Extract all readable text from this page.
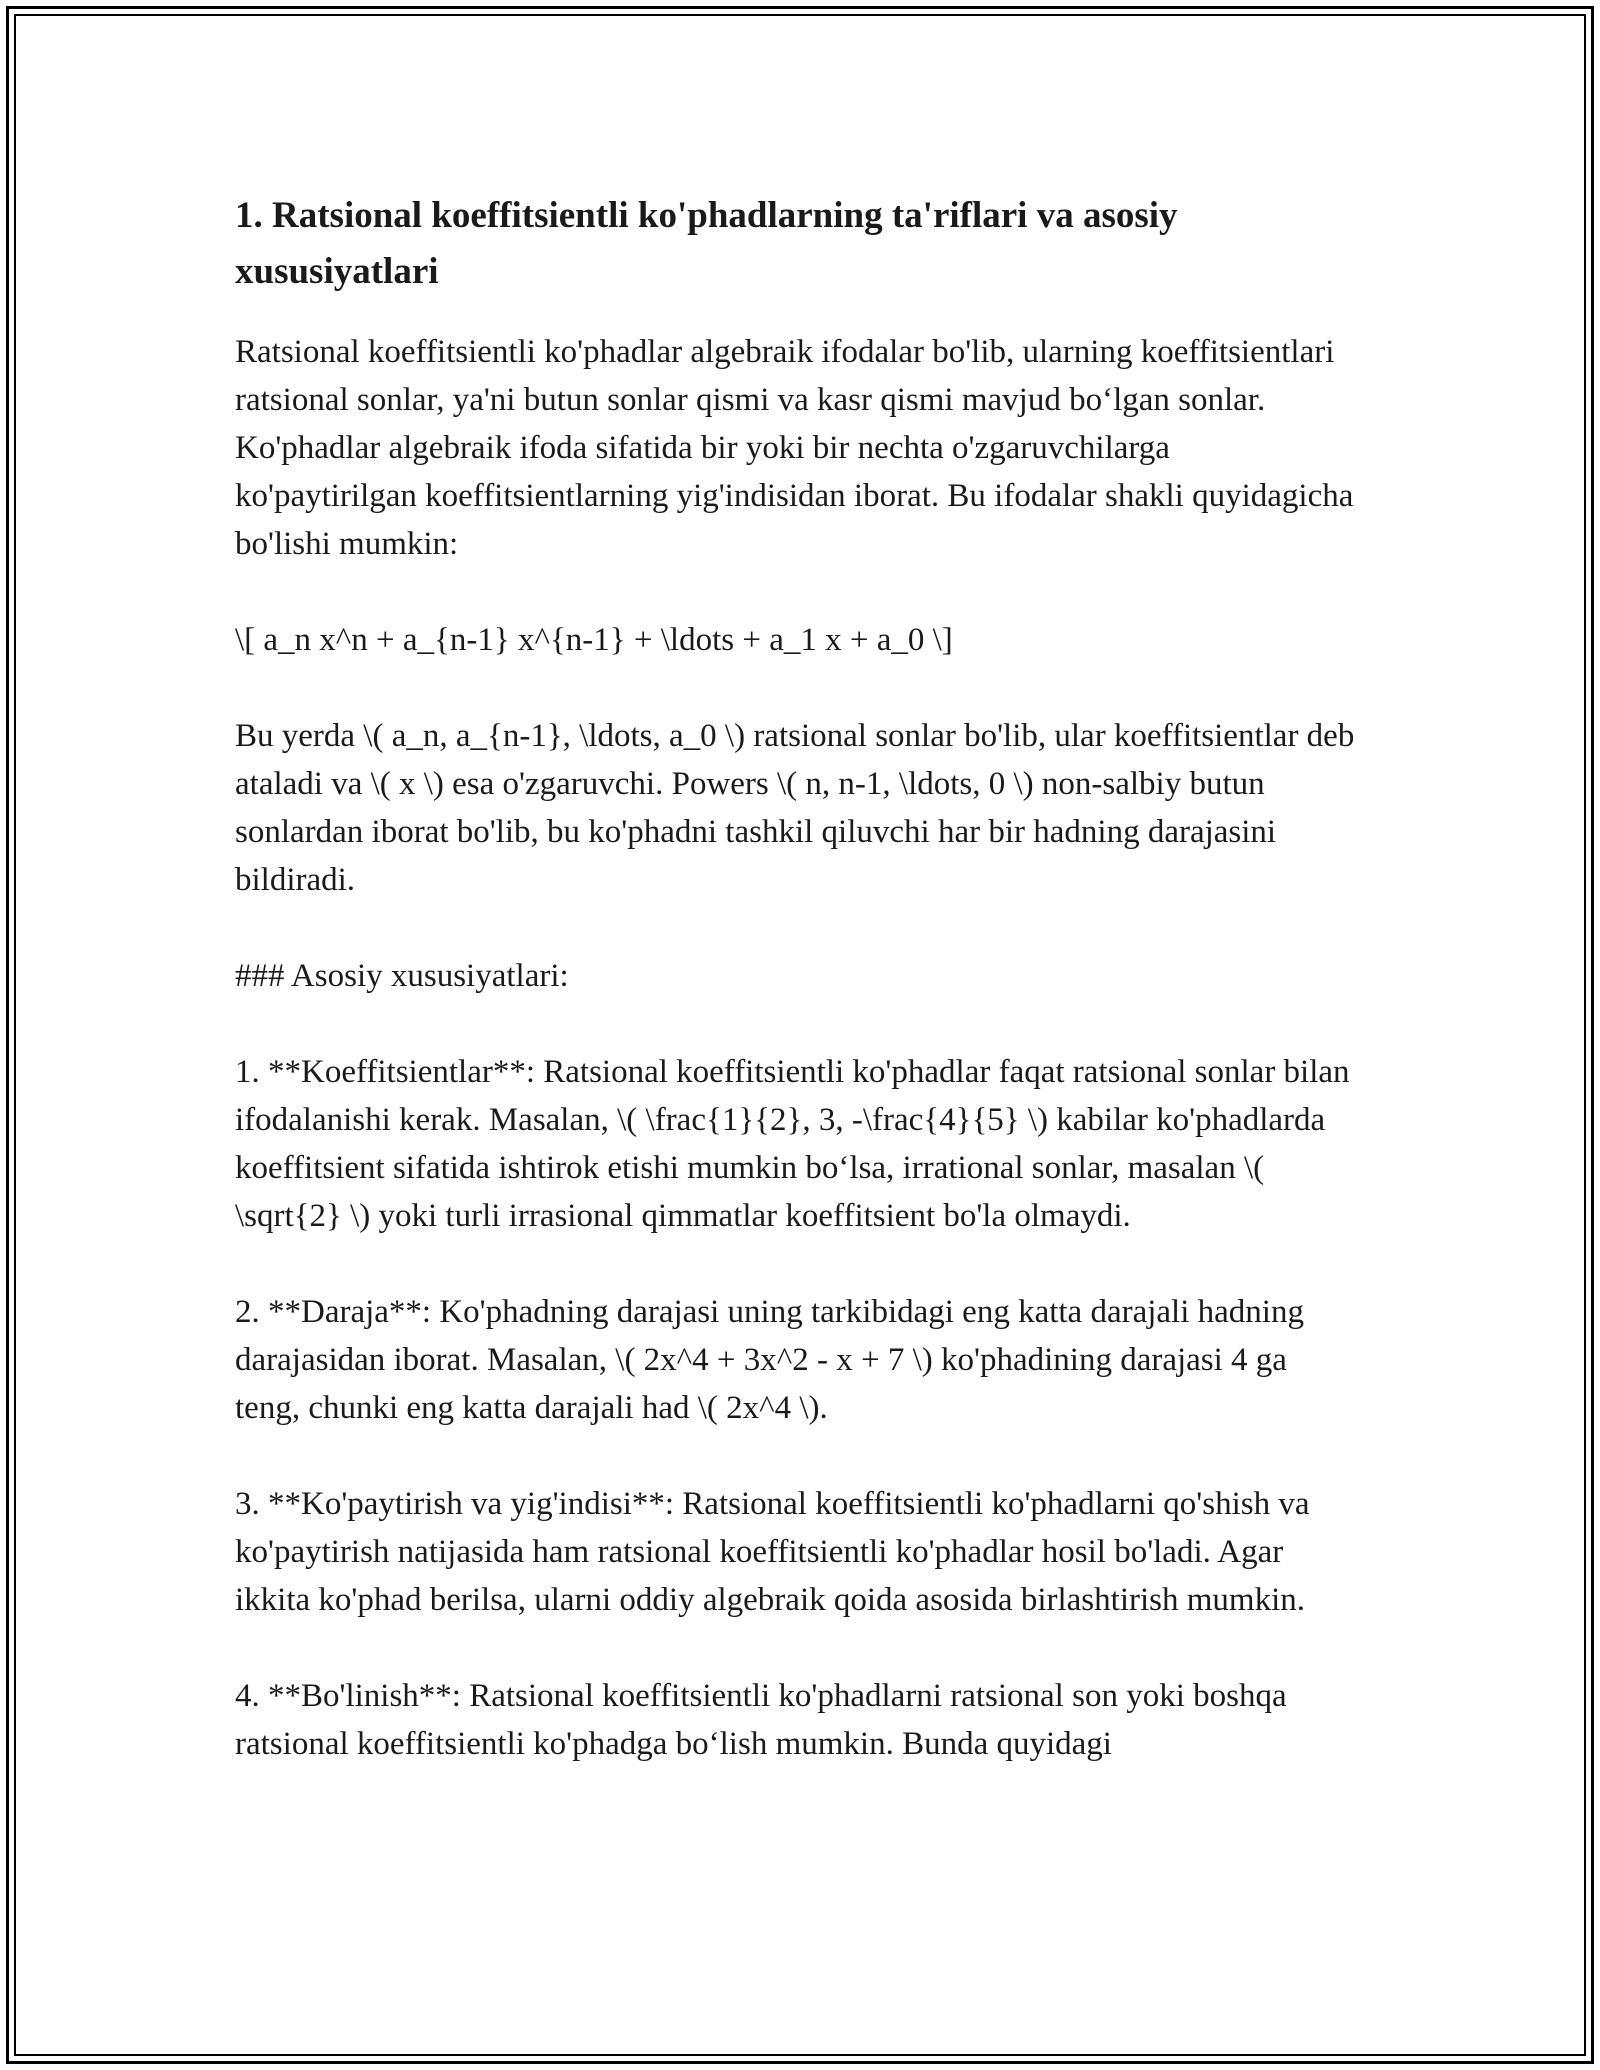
1. Ratsional koeffitsientli ko'phadlarning ta'riflari va asosiy xususiyatlari

Ratsional koeffitsientli ko'phadlar algebraik ifodalar bo'lib, ularning koeffitsientlari ratsional sonlar, ya'ni butun sonlar qismi va kasr qismi mavjud bo‘lgan sonlar. Ko'phadlar algebraik ifoda sifatida bir yoki bir nechta o'zgaruvchilarga ko'paytirilgan koeffitsientlarning yig'indisidan iborat. Bu ifodalar shakli quyidagicha bo'lishi mumkin:

\[ a_n x^n + a_{n-1} x^{n-1} + \ldots + a_1 x + a_0 \]

Bu yerda \( a_n, a_{n-1}, \ldots, a_0 \) ratsional sonlar bo'lib, ular koeffitsientlar deb ataladi va \( x \) esa o'zgaruvchi. Powers \( n, n-1, \ldots, 0 \) non-salbiy butun sonlardan iborat bo'lib, bu ko'phadni tashkil qiluvchi har bir hadning darajasini bildiradi.

### Asosiy xususiyatlari:

1. **Koeffitsientlar**: Ratsional koeffitsientli ko'phadlar faqat ratsional sonlar bilan ifodalanishi kerak. Masalan, \( \frac{1}{2}, 3, -\frac{4}{5} \) kabilar ko'phadlarda koeffitsient sifatida ishtirok etishi mumkin bo‘lsa, irrational sonlar, masalan \( \sqrt{2} \) yoki turli irrasional qimmatlar koeffitsient bo'la olmaydi.

2. **Daraja**: Ko'phadning darajasi uning tarkibidagi eng katta darajali hadning darajasidan iborat. Masalan, \( 2x^4 + 3x^2 - x + 7 \) ko'phadining darajasi 4 ga teng, chunki eng katta darajali had \( 2x^4 \).

3. **Ko'paytirish va yig'indisi**: Ratsional koeffitsientli ko'phadlarni qo'shish va ko'paytirish natijasida ham ratsional koeffitsientli ko'phadlar hosil bo'ladi. Agar ikkita ko'phad berilsa, ularni oddiy algebraik qoida asosida birlashtirish mumkin.

4. **Bo'linish**: Ratsional koeffitsientli ko'phadlarni ratsional son yoki boshqa ratsional koeffitsientli ko'phadga bo‘lish mumkin. Bunda quyidagi
